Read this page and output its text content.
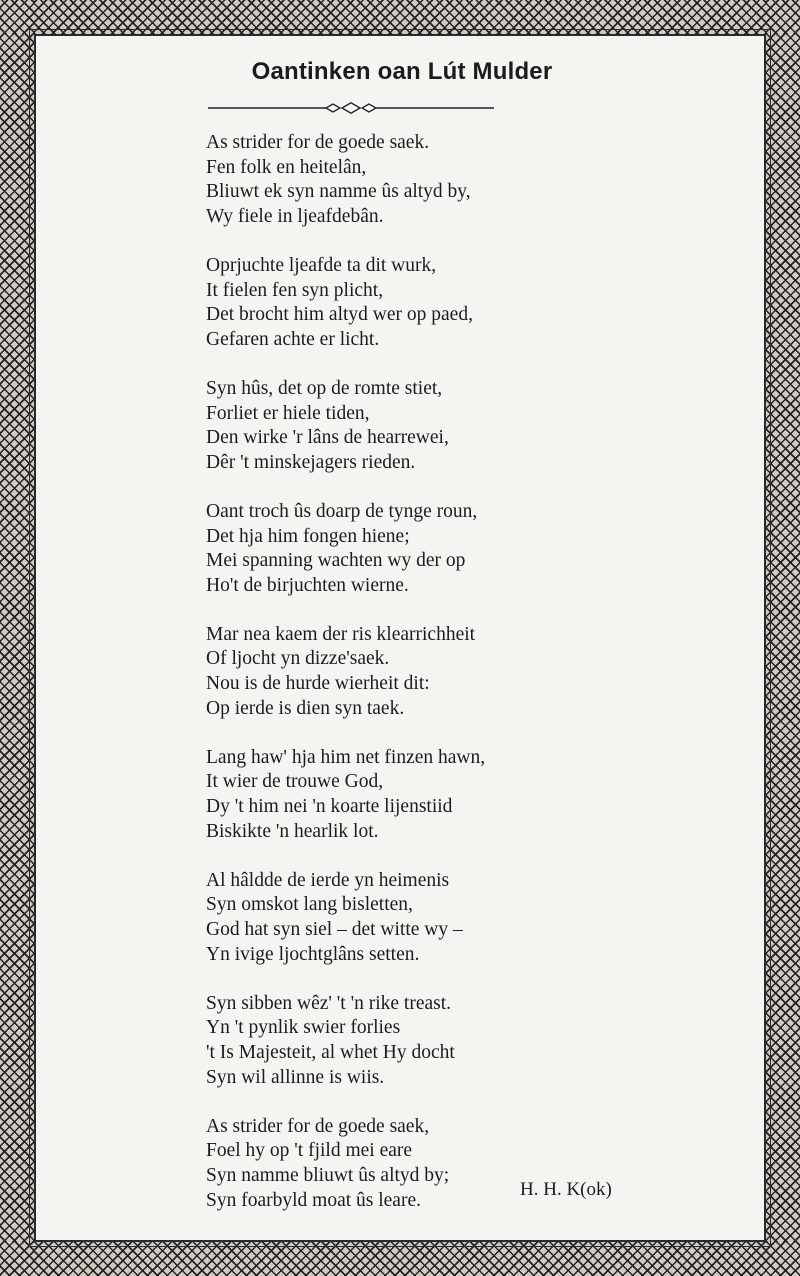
Oantinken oan Lút Mulder
As strider for de goede saek.
Fen folk en heitelân,
Bliuwt ek syn namme ûs altyd by,
Wy fiele in ljeafdebân.
Oprjuchte ljeafde ta dit wurk,
It fielen fen syn plicht,
Det brocht him altyd wer op paed,
Gefaren achte er licht.
Syn hûs, det op de romte stiet,
Forliet er hiele tiden,
Den wirke 'r lâns de hearrewei,
Dêr 't minskejagers rieden.
Oant troch ûs doarp de tynge roun,
Det hja him fongen hiene;
Mei spanning wachten wy der op
Ho't de birjuchten wierne.
Mar nea kaem der ris klearrichheit
Of ljocht yn dizze'saek.
Nou is de hurde wierheit dit:
Op ierde is dien syn taek.
Lang haw' hja him net finzen hawn,
It wier de trouwe God,
Dy 't him nei 'n koarte lijenstiid
Biskikte 'n hearlik lot.
Al hâldde de ierde yn heimenis
Syn omskot lang bisletten,
God hat syn siel – det witte wy –
Yn ivige ljochtglâns setten.
Syn sibben wêz' 't 'n rike treast.
Yn 't pynlik swier forlies
't Is Majesteit, al whet Hy docht
Syn wil allinne is wiis.
As strider for de goede saek,
Foel hy op 't fjild mei eare
Syn namme bliuwt ûs altyd by;
Syn foarbyld moat ûs leare.
H. H. K(ok)
